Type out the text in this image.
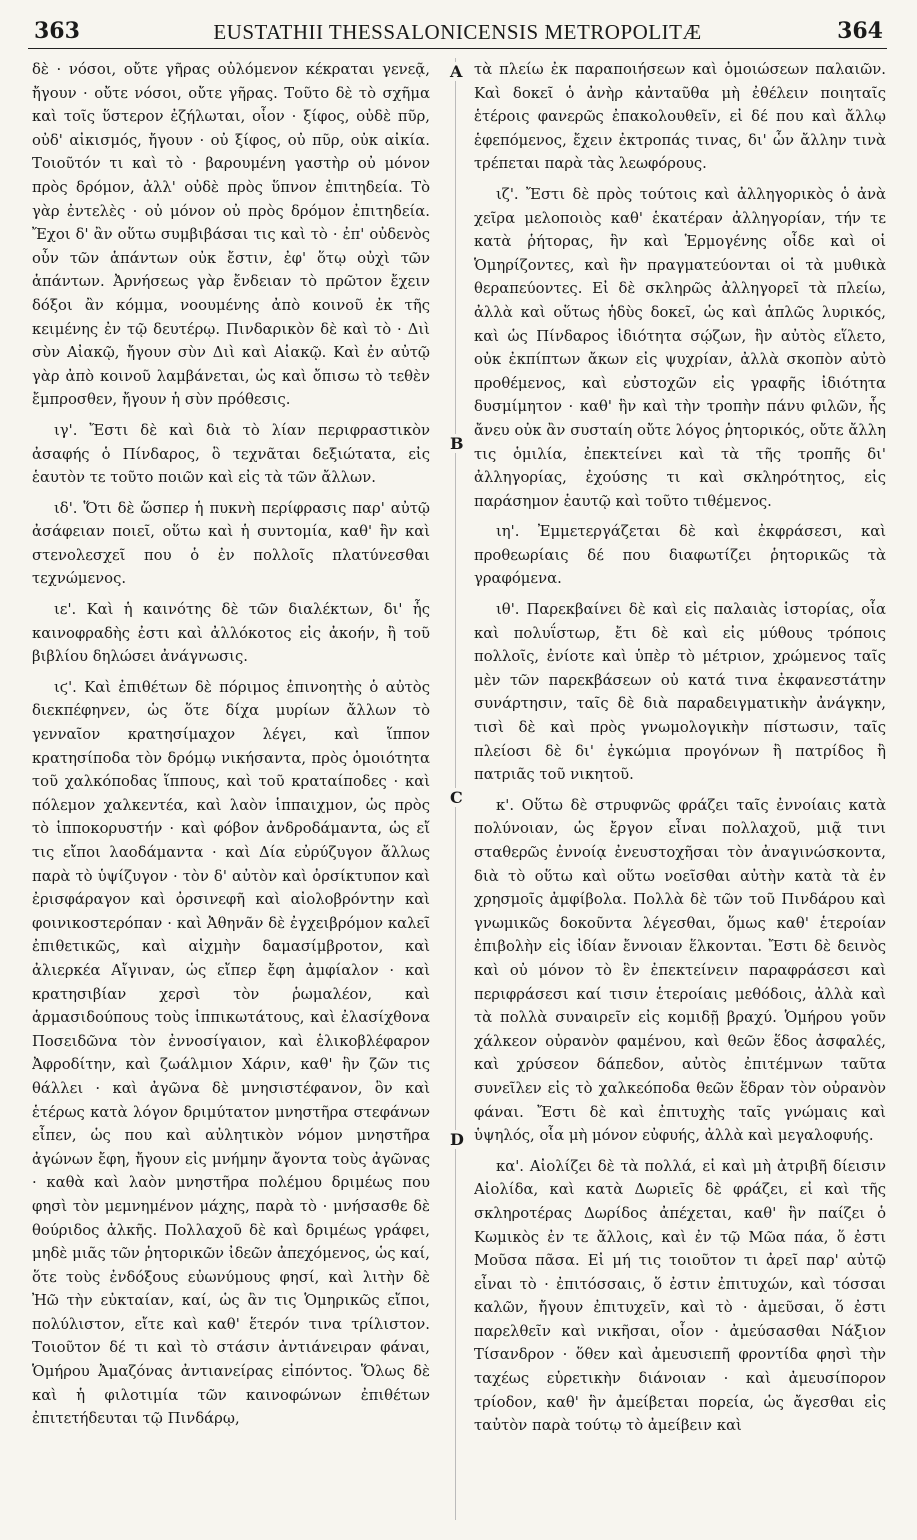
363	EUSTATHII THESSALONICENSIS METROPOLITÆ	364

δὲ · νόσοι, οὔτε γῆρας οὐλόμενον κέκραται γενεᾷ, ἤγουν · οὔτε νόσοι, οὔτε γῆρας. Τοῦτο δὲ τὸ σχῆμα καὶ τοῖς ὕστερον ἐζήλωται, οἷον · ξίφος, οὐδὲ πῦρ, οὐδ' αἰκισμός, ἤγουν · οὐ ξίφος, οὐ πῦρ, οὐκ αἰκία. Τοιοῦτόν τι καὶ τὸ · βαρουμένη γαστὴρ οὐ μόνον πρὸς δρόμον, ἀλλ' οὐδὲ πρὸς ὕπνον ἐπιτηδεία. Τὸ γὰρ ἐντελὲς · οὐ μόνον οὐ πρὸς δρόμον ἐπιτηδεία. Ἔχοι δ' ἂν οὕτω συμβιβάσαι τις καὶ τὸ · ἐπ' οὐδενὸς οὖν τῶν ἁπάντων οὐκ ἔστιν, ἐφ' ὅτῳ οὐχὶ τῶν ἁπάντων. Ἀρνήσεως γὰρ ἔνδειαν τὸ πρῶτον ἔχειν δόξοι ἂν κόμμα, νοουμένης ἀπὸ κοινοῦ ἐκ τῆς κειμένης ἐν τῷ δευτέρῳ. Πινδαρικὸν δὲ καὶ τὸ · Διὶ σὺν Αἰακῷ, ἤγουν σὺν Διὶ καὶ Αἰακῷ. Καὶ ἐν αὐτῷ γὰρ ἀπὸ κοινοῦ λαμβάνεται, ὡς καὶ ὄπισω τὸ τεθὲν ἔμπροσθεν, ἤγουν ἡ σὺν πρόθεσις.

ιγ'. Ἔστι δὲ καὶ διὰ τὸ λίαν περιφραστικὸν ἀσαφής ὁ Πίνδαρος, ὃ τεχνᾶται δεξιώτατα, εἰς ἑαυτὸν τε τοῦτο ποιῶν καὶ εἰς τὰ τῶν ἄλλων.

ιδ'. Ὅτι δὲ ὥσπερ ἡ πυκνὴ περίφρασις παρ' αὐτῷ ἀσάφειαν ποιεῖ, οὕτω καὶ ἡ συντομία, καθ' ἣν καὶ στενολεσχεῖ που ὁ ἐν πολλοῖς πλατύνεσθαι τεχνώμενος.

ιε'. Καὶ ἡ καινότης δὲ τῶν διαλέκτων, δι' ἧς καινοφραδὴς ἐστι καὶ ἀλλόκοτος εἰς ἀκοήν, ἢ τοῦ βιβλίου δηλώσει ἀνάγνωσις.

ιϛ'. Καὶ ἐπιθέτων δὲ πόριμος ἐπινοητὴς ὁ αὐτὸς διεκπέφηνεν, ὡς ὅτε δίχα μυρίων ἄλλων τὸ γενναῖον κρατησίμαχον λέγει, καὶ ἵππον κρατησίποδα τὸν δρόμῳ νικήσαντα, πρὸς ὁμοιότητα τοῦ χαλκόποδας ἵππους, καὶ τοῦ κραταίποδες · καὶ πόλεμον χαλκεντέα, καὶ λαὸν ἱππαιχμον, ὡς πρὸς τὸ ἱπποκορυστήν · καὶ φόβον ἀνδροδάμαντα, ὡς εἴ τις εἴποι λαοδάμαντα · καὶ Δία εὐρύζυγον ἄλλως παρὰ τὸ ὑψίζυγον · τὸν δ' αὐτὸν καὶ ὀρσίκτυπον καὶ ἐρισφάραγον καὶ ὀρσινεφῆ καὶ αἰολοβρόντην καὶ φοινικοστερόπαν · καὶ Ἀθηνᾶν δὲ ἐγχειβρόμον καλεῖ ἐπιθετικῶς, καὶ αἰχμὴν δαμασίμβροτον, καὶ ἀλιερκέα Αἴγιναν, ὡς εἴπερ ἔφη ἀμφίαλον · καὶ κρατησιβίαν χερσὶ τὸν ῥωμαλέον, καὶ ἁρμασιδούπους τοὺς ἱππικωτάτους, καὶ ἐλασίχθονα Ποσειδῶνα τὸν ἐννοσίγαιον, καὶ ἑλικοβλέφαρον Ἀφροδίτην, καὶ ζωάλμιον Χάριν, καθ' ἣν ζῶν τις θάλλει · καὶ ἀγῶνα δὲ μνησιστέφανον, ὃν καὶ ἑτέρως κατὰ λόγον δριμύτατον μνηστῆρα στεφάνων εἶπεν, ὡς που καὶ αὐλητικὸν νόμον μνηστῆρα ἀγώνων ἔφη, ἤγουν εἰς μνήμην ἄγοντα τοὺς ἀγῶνας · καθὰ καὶ λαὸν μνηστῆρα πολέμου δριμέως που φησὶ τὸν μεμνημένον μάχης, παρὰ τὸ · μνήσασθε δὲ θούριδος ἀλκῆς. Πολλαχοῦ δὲ καὶ δριμέως γράφει, μηδὲ μιᾶς τῶν ῥητορικῶν ἰδεῶν ἀπεχόμενος, ὡς καί, ὅτε τοὺς ἐνδόξους εὐωνύμους φησί, καὶ λιτὴν δὲ Ἠῶ τὴν εὐκταίαν, καί, ὡς ἂν τις Ὁμηρικῶς εἴποι, πολύλιστον, εἴτε καὶ καθ' ἕτερόν τινα τρίλιστον. Τοιοῦτον δέ τι καὶ τὸ στάσιν ἀντιάνειραν φάναι, Ὁμήρου Ἀμαζόνας ἀντιανείρας εἰπόντος. Ὅλως δὲ καὶ ἡ φιλοτιμία τῶν καινοφώνων ἐπιθέτων ἐπιτετήδευται τῷ Πινδάρῳ,

A
B
C
D

τὰ πλείω ἐκ παραποιήσεων καὶ ὁμοιώσεων παλαιῶν. Καὶ δοκεῖ ὁ ἀνὴρ κἀνταῦθα μὴ ἐθέλειν ποιηταῖς ἑτέροις φανερῶς ἐπακολουθεῖν, εἰ δέ που καὶ ἄλλῳ ἑφεπόμενος, ἔχειν ἐκτροπάς τινας, δι' ὧν ἄλλην τινὰ τρέπεται παρὰ τὰς λεωφόρους.

ιζ'. Ἔστι δὲ πρὸς τούτοις καὶ ἀλληγορικὸς ὁ ἀνὰ χεῖρα μελοποιὸς καθ' ἑκατέραν ἀλληγορίαν, τήν τε κατὰ ῥήτορας, ἣν καὶ Ἑρμογένης οἶδε καὶ οἱ Ὁμηρίζοντες, καὶ ἣν πραγματεύονται οἱ τὰ μυθικὰ θεραπεύοντες. Εἰ δὲ σκληρῶς ἀλληγορεῖ τὰ πλείω, ἀλλὰ καὶ οὕτως ἡδὺς δοκεῖ, ὡς καὶ ἁπλῶς λυρικός, καὶ ὡς Πίνδαρος ἰδιότητα σῴζων, ἣν αὐτὸς εἵλετο, οὐκ ἐκπίπτων ἄκων εἰς ψυχρίαν, ἀλλὰ σκοπὸν αὐτὸ προθέμενος, καὶ εὐστοχῶν εἰς γραφῆς ἰδιότητα δυσμίμητον · καθ' ἣν καὶ τὴν τροπὴν πάνυ φιλῶν, ἧς ἄνευ οὐκ ἂν συσταίη οὔτε λόγος ῥητορικός, οὔτε ἄλλη τις ὁμιλία, ἐπεκτείνει καὶ τὰ τῆς τροπῆς δι' ἀλληγορίας, ἐχούσης τι καὶ σκληρότητος, εἰς παράσημον ἑαυτῷ καὶ τοῦτο τιθέμενος.

ιη'. Ἐμμετεργάζεται δὲ καὶ ἐκφράσεσι, καὶ προθεωρίαις δέ που διαφωτίζει ῥητορικῶς τὰ γραφόμενα.

ιθ'. Παρεκβαίνει δὲ καὶ εἰς παλαιὰς ἱστορίας, οἷα καὶ πολυΐστωρ, ἔτι δὲ καὶ εἰς μύθους τρόποις πολλοῖς, ἐνίοτε καὶ ὑπὲρ τὸ μέτριον, χρώμενος ταῖς μὲν τῶν παρεκβάσεων οὐ κατά τινα ἐκφανεστάτην συνάρτησιν, ταῖς δὲ διὰ παραδειγματικὴν ἀνάγκην, τισὶ δὲ καὶ πρὸς γνωμολογικὴν πίστωσιν, ταῖς πλείοσι δὲ δι' ἐγκώμια προγόνων ἢ πατρίδος ἢ πατριᾶς τοῦ νικητοῦ.

κ'. Οὕτω δὲ στρυφνῶς φράζει ταῖς ἐννοίαις κατὰ πολύνοιαν, ὡς ἔργον εἶναι πολλαχοῦ, μιᾷ τινι σταθερῶς ἐννοίᾳ ἐνευστοχῆσαι τὸν ἀναγινώσκοντα, διὰ τὸ οὕτω καὶ οὕτω νοεῖσθαι αὐτὴν κατὰ τὰ ἐν χρησμοῖς ἀμφίβολα. Πολλὰ δὲ τῶν τοῦ Πινδάρου καὶ γνωμικῶς δοκοῦντα λέγεσθαι, ὅμως καθ' ἑτεροίαν ἐπιβολὴν εἰς ἰδίαν ἔννοιαν ἕλκονται. Ἔστι δὲ δεινὸς καὶ οὐ μόνον τὸ ἓν ἐπεκτείνειν παραφράσεσι καὶ περιφράσεσι καί τισιν ἑτεροίαις μεθόδοις, ἀλλὰ καὶ τὰ πολλὰ συναιρεῖν εἰς κομιδῇ βραχύ. Ὁμήρου γοῦν χάλκεον οὐρανὸν φαμένου, καὶ θεῶν ἕδος ἀσφαλές, καὶ χρύσεον δάπεδον, αὐτὸς ἐπιτέμνων ταῦτα συνεῖλεν εἰς τὸ χαλκεόποδα θεῶν ἕδραν τὸν οὐρανὸν φάναι. Ἔστι δὲ καὶ ἐπιτυχὴς ταῖς γνώμαις καὶ ὑψηλός, οἷα μὴ μόνον εὐφυής, ἀλλὰ καὶ μεγαλοφυής.

κα'. Αἰολίζει δὲ τὰ πολλά, εἰ καὶ μὴ ἀτριβῆ δίεισιν Αἰολίδα, καὶ κατὰ Δωριεῖς δὲ φράζει, εἰ καὶ τῆς σκληροτέρας Δωρίδος ἀπέχεται, καθ' ἣν παίζει ὁ Κωμικὸς ἐν τε ἄλλοις, καὶ ἐν τῷ Μῶα πάα, ὅ ἐστι Μοῦσα πᾶσα. Εἰ μή τις τοιοῦτον τι ἀρεῖ παρ' αὐτῷ εἶναι τὸ · ἐπιτόσσαις, ὅ ἐστιν ἐπιτυχών, καὶ τόσσαι καλῶν, ἤγουν ἐπιτυχεῖν, καὶ τὸ · ἀμεῦσαι, ὅ ἐστι παρελθεῖν καὶ νικῆσαι, οἷον · ἀμεύσασθαι Νάξιον Τίσανδρον · ὅθεν καὶ ἀμευσιεπῆ φροντίδα φησὶ τὴν ταχέως εὑρετικὴν διάνοιαν · καὶ ἀμευσίπορον τρίοδον, καθ' ἣν ἀμείβεται πορεία, ὡς ἄγεσθαι εἰς ταὐτὸν παρὰ τούτῳ τὸ ἀμείβειν καὶ
